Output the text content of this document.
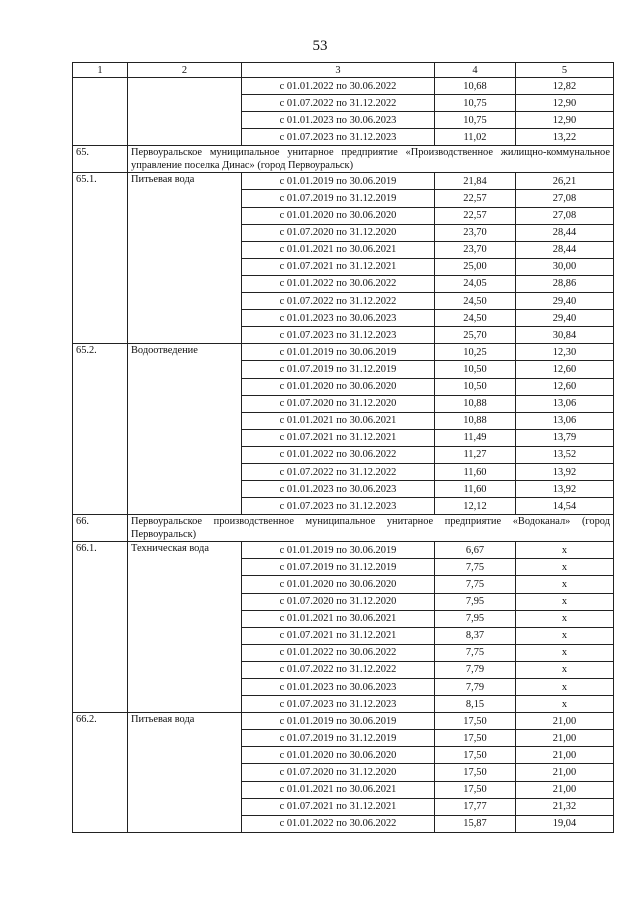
53
1	2	3	4	5
		с 01.01.2022 по 30.06.2022	10,68	12,82
		с 01.07.2022 по 31.12.2022	10,75	12,90
		с 01.01.2023 по 30.06.2023	10,75	12,90
		с 01.07.2023 по 31.12.2023	11,02	13,22
65.	Первоуральское муниципальное унитарное предприятие «Производственное жилищно-коммунальное управление поселка Динас» (город Первоуральск)			
65.1.	Питьевая вода	с 01.01.2019 по 30.06.2019	21,84	26,21
		с 01.07.2019 по 31.12.2019	22,57	27,08
		с 01.01.2020 по 30.06.2020	22,57	27,08
		с 01.07.2020 по 31.12.2020	23,70	28,44
		с 01.01.2021 по 30.06.2021	23,70	28,44
		с 01.07.2021 по 31.12.2021	25,00	30,00
		с 01.01.2022 по 30.06.2022	24,05	28,86
		с 01.07.2022 по 31.12.2022	24,50	29,40
		с 01.01.2023 по 30.06.2023	24,50	29,40
		с 01.07.2023 по 31.12.2023	25,70	30,84
65.2.	Водоотведение	с 01.01.2019 по 30.06.2019	10,25	12,30
		с 01.07.2019 по 31.12.2019	10,50	12,60
		с 01.01.2020 по 30.06.2020	10,50	12,60
		с 01.07.2020 по 31.12.2020	10,88	13,06
		с 01.01.2021 по 30.06.2021	10,88	13,06
		с 01.07.2021 по 31.12.2021	11,49	13,79
		с 01.01.2022 по 30.06.2022	11,27	13,52
		с 01.07.2022 по 31.12.2022	11,60	13,92
		с 01.01.2023 по 30.06.2023	11,60	13,92
		с 01.07.2023 по 31.12.2023	12,12	14,54
66.	Первоуральское производственное муниципальное унитарное предприятие «Водоканал» (город Первоуральск)			
66.1.	Техническая вода	с 01.01.2019 по 30.06.2019	6,67	х
		с 01.07.2019 по 31.12.2019	7,75	х
		с 01.01.2020 по 30.06.2020	7,75	х
		с 01.07.2020 по 31.12.2020	7,95	х
		с 01.01.2021 по 30.06.2021	7,95	х
		с 01.07.2021 по 31.12.2021	8,37	х
		с 01.01.2022 по 30.06.2022	7,75	х
		с 01.07.2022 по 31.12.2022	7,79	х
		с 01.01.2023 по 30.06.2023	7,79	х
		с 01.07.2023 по 31.12.2023	8,15	х
66.2.	Питьевая вода	с 01.01.2019 по 30.06.2019	17,50	21,00
		с 01.07.2019 по 31.12.2019	17,50	21,00
		с 01.01.2020 по 30.06.2020	17,50	21,00
		с 01.07.2020 по 31.12.2020	17,50	21,00
		с 01.01.2021 по 30.06.2021	17,50	21,00
		с 01.07.2021 по 31.12.2021	17,77	21,32
		с 01.01.2022 по 30.06.2022	15,87	19,04
